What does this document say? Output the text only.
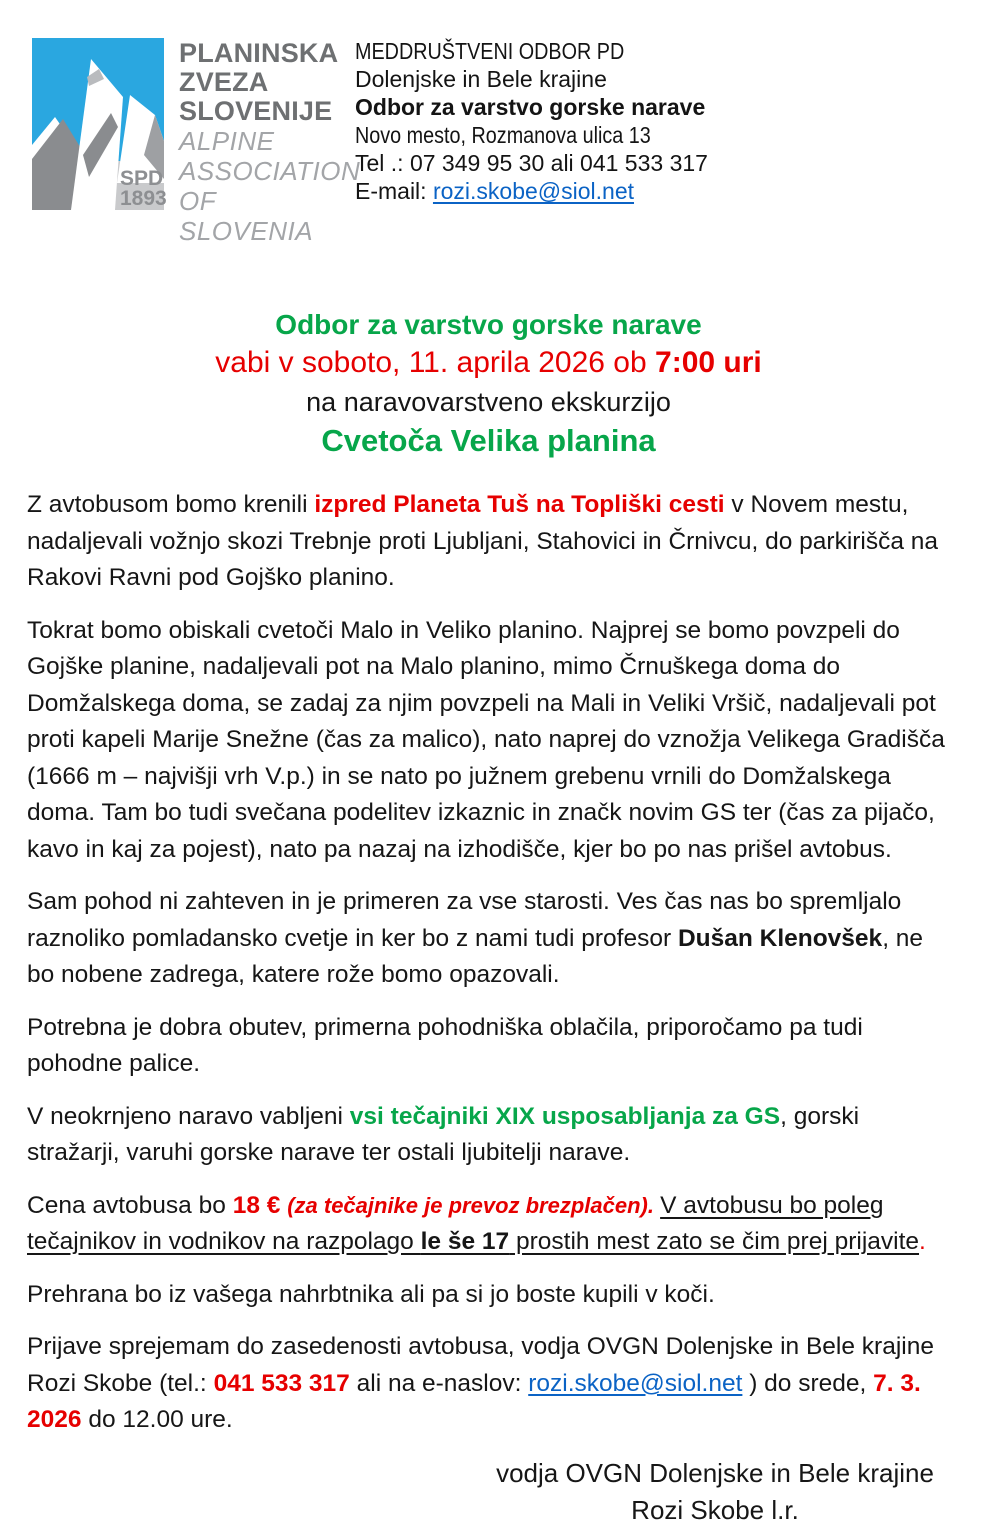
SPD
1893
PLANINSKA
ZVEZA
SLOVENIJE
ALPINE
ASSOCIATION
OF SLOVENIA
MEDDRUŠTVENI ODBOR PD
Dolenjske in Bele krajine
Odbor za varstvo gorske narave
Novo mesto, Rozmanova ulica 13
Tel .: 07 349 95 30 ali 041 533 317
E-mail: rozi.skobe@siol.net
Odbor za varstvo gorske narave
vabi v soboto, 11. aprila 2026 ob 7:00 uri
na naravovarstveno ekskurzijo
Cvetoča Velika planina

Z avtobusom bomo krenili izpred Planeta Tuš na Topliški cesti v Novem mestu, nadaljevali vožnjo skozi Trebnje proti Ljubljani, Stahovici in Črnivcu, do parkirišča na Rakovi Ravni pod Gojško planino.

Tokrat bomo obiskali cvetoči Malo in Veliko planino. Najprej se bomo povzpeli do Gojške planine, nadaljevali pot na Malo planino, mimo Črnuškega doma do Domžalskega doma, se zadaj za njim povzpeli na Mali in Veliki Vršič, nadaljevali pot proti kapeli Marije Snežne (čas za malico), nato naprej do vznožja Velikega Gradišča (1666 m – najvišji vrh V.p.) in se nato po južnem grebenu vrnili do Domžalskega doma. Tam bo tudi svečana podelitev izkaznic in značk novim GS ter (čas za pijačo, kavo in kaj za pojest), nato pa nazaj na izhodišče, kjer bo po nas prišel avtobus.

Sam pohod ni zahteven in je primeren za vse starosti. Ves čas nas bo spremljalo raznoliko pomladansko cvetje in ker bo z nami tudi profesor Dušan Klenovšek, ne bo nobene zadrega, katere rože bomo opazovali.

Potrebna je dobra obutev, primerna pohodniška oblačila, priporočamo pa tudi pohodne palice.

V neokrnjeno naravo vabljeni vsi tečajniki XIX usposabljanja za GS, gorski stražarji, varuhi gorske narave ter ostali ljubitelji narave.

Cena avtobusa bo 18 € (za tečajnike je prevoz brezplačen). V avtobusu bo poleg tečajnikov in vodnikov na razpolago le še 17 prostih mest zato se čim prej prijavite.

Prehrana bo iz vašega nahrbtnika ali pa si jo boste kupili v koči.

Prijave sprejemam do zasedenosti avtobusa, vodja OVGN Dolenjske in Bele krajine Rozi Skobe (tel.: 041 533 317 ali na e-naslov: rozi.skobe@siol.net ) do srede, 7. 3. 2026 do 12.00 ure.

vodja OVGN Dolenjske in Bele krajine
Rozi Skobe l.r.
